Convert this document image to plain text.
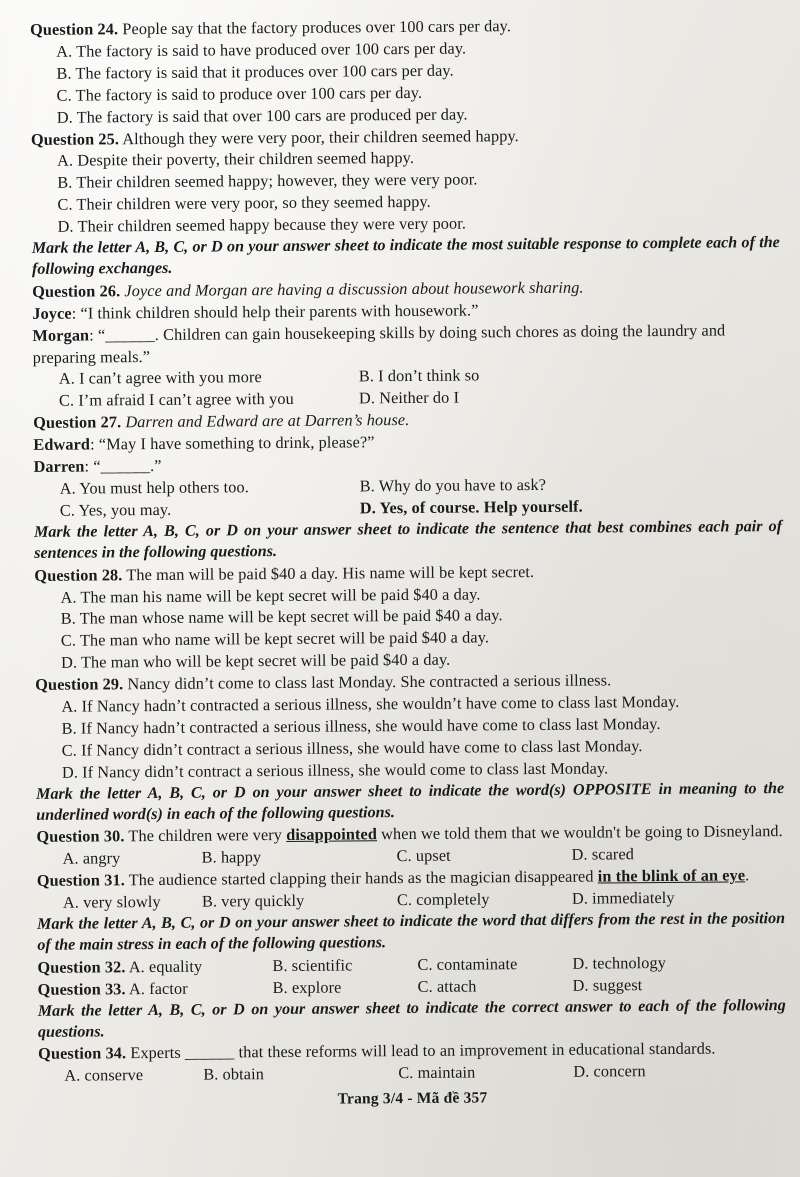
Question 24. People say that the factory produces over 100 cars per day.
A. The factory is said to have produced over 100 cars per day.
B. The factory is said that it produces over 100 cars per day.
C. The factory is said to produce over 100 cars per day.
D. The factory is said that over 100 cars are produced per day.
Question 25. Although they were very poor, their children seemed happy.
A. Despite their poverty, their children seemed happy.
B. Their children seemed happy; however, they were very poor.
C. Their children were very poor, so they seemed happy.
D. Their children seemed happy because they were very poor.
Mark the letter A, B, C, or D on your answer sheet to indicate the most suitable response to complete each of the following exchanges.
Question 26. Joyce and Morgan are having a discussion about housework sharing.
Joyce: “I think children should help their parents with housework.”
Morgan: “______. Children can gain housekeeping skills by doing such chores as doing the laundry and preparing meals.”
A. I can’t agree with you more	B. I don’t think so
C. I’m afraid I can’t agree with you	D. Neither do I
Question 27. Darren and Edward are at Darren’s house.
Edward: “May I have something to drink, please?”
Darren: “______.”
A. You must help others too.	B. Why do you have to ask?
C. Yes, you may.	D. Yes, of course. Help yourself.
Mark the letter A, B, C, or D on your answer sheet to indicate the sentence that best combines each pair of sentences in the following questions.
Question 28. The man will be paid $40 a day. His name will be kept secret.
A. The man his name will be kept secret will be paid $40 a day.
B. The man whose name will be kept secret will be paid $40 a day.
C. The man who name will be kept secret will be paid $40 a day.
D. The man who will be kept secret will be paid $40 a day.
Question 29. Nancy didn’t come to class last Monday. She contracted a serious illness.
A. If Nancy hadn’t contracted a serious illness, she wouldn’t have come to class last Monday.
B. If Nancy hadn’t contracted a serious illness, she would have come to class last Monday.
C. If Nancy didn’t contract a serious illness, she would have come to class last Monday.
D. If Nancy didn’t contract a serious illness, she would come to class last Monday.
Mark the letter A, B, C, or D on your answer sheet to indicate the word(s) OPPOSITE in meaning to the underlined word(s) in each of the following questions.
Question 30. The children were very disappointed when we told them that we wouldn't be going to Disneyland.
A. angry	B. happy	C. upset	D. scared
Question 31. The audience started clapping their hands as the magician disappeared in the blink of an eye.
A. very slowly	B. very quickly	C. completely	D. immediately
Mark the letter A, B, C, or D on your answer sheet to indicate the word that differs from the rest in the position of the main stress in each of the following questions.
Question 32. A. equality	B. scientific	C. contaminate	D. technology
Question 33. A. factor	B. explore	C. attach	D. suggest
Mark the letter A, B, C, or D on your answer sheet to indicate the correct answer to each of the following questions.
Question 34. Experts ______ that these reforms will lead to an improvement in educational standards.
A. conserve	B. obtain	C. maintain	D. concern
Trang 3/4 - Mã đề 357
